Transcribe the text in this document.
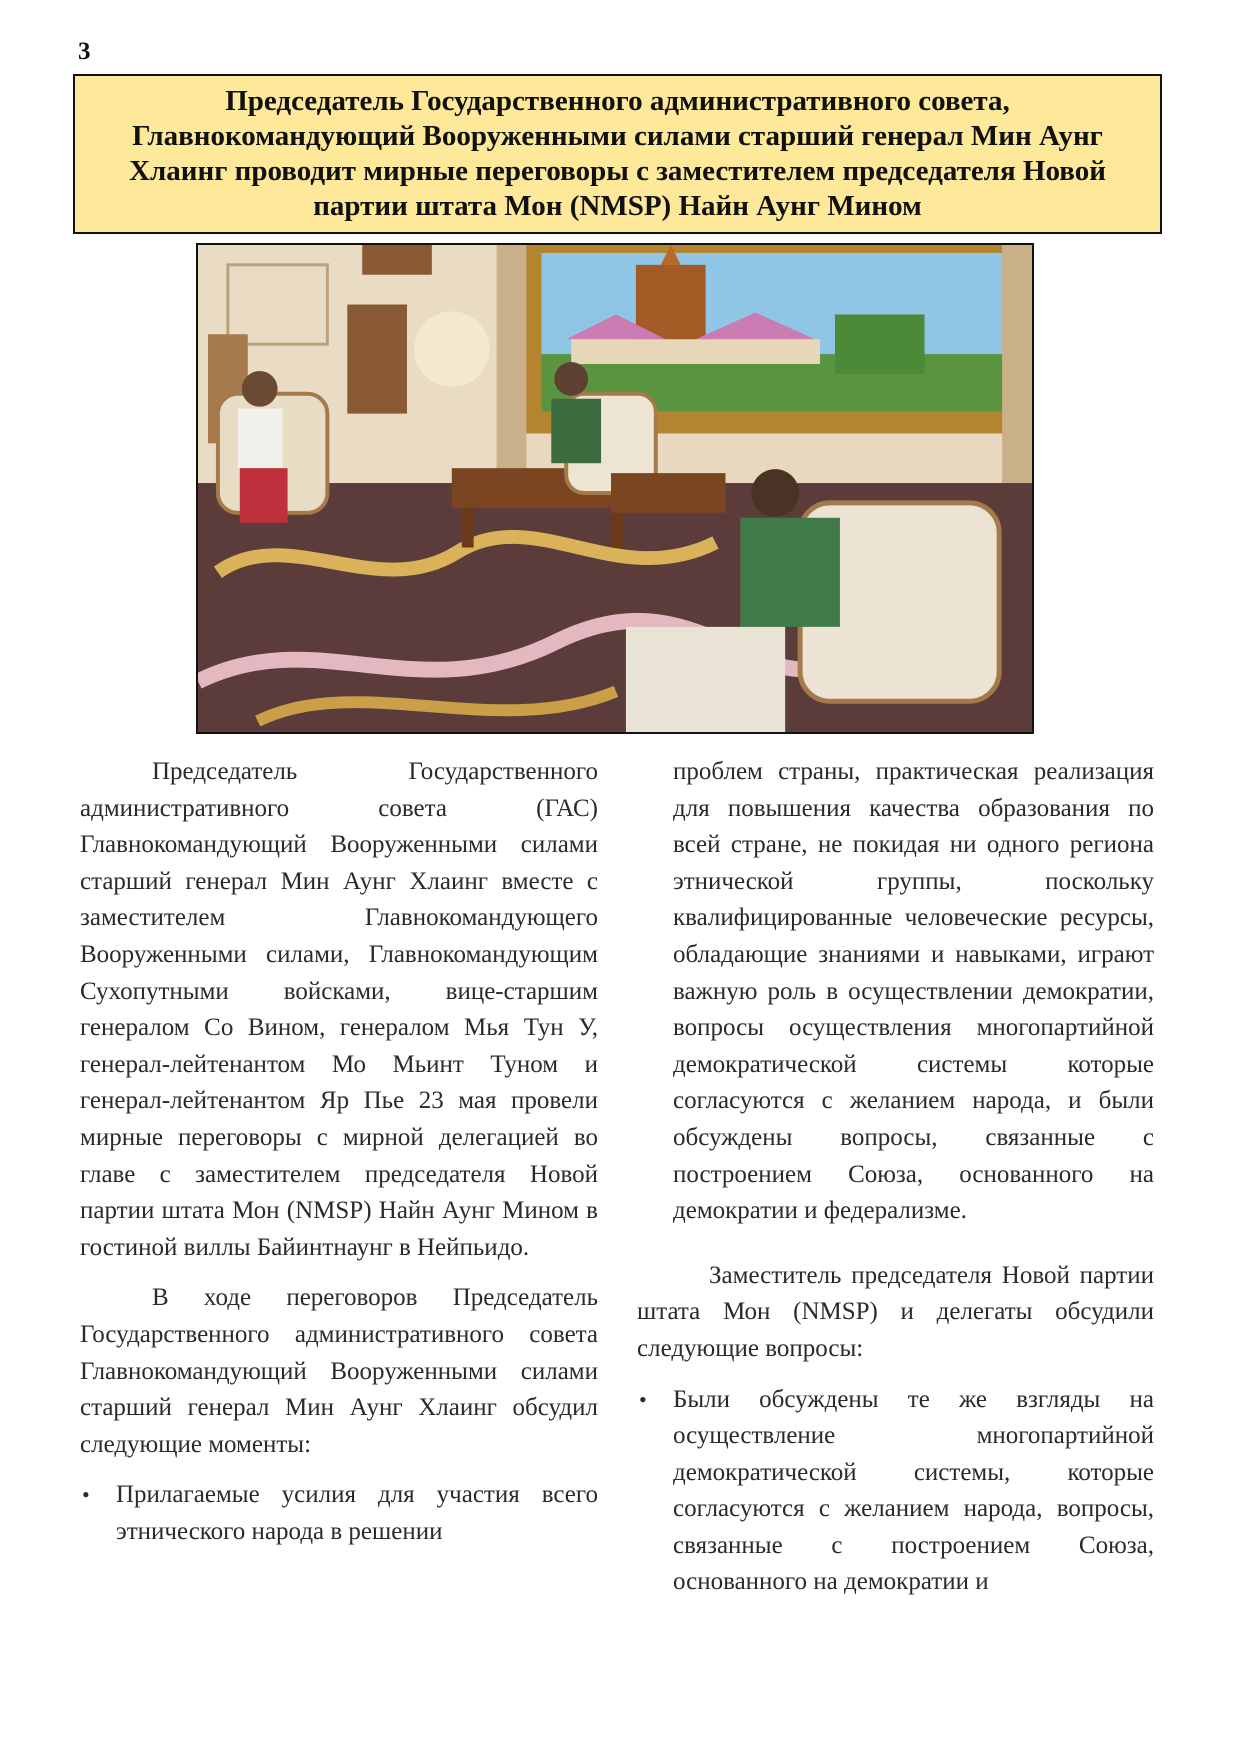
3
Председатель Государственного административного совета, Главнокомандующий Вооруженными силами старший генерал Мин Аунг Хлаинг проводит мирные переговоры с заместителем председателя Новой партии штата Мон (NMSP) Найн Аунг Мином

Председатель Государственного административного совета (ГАС) Главнокомандующий Вооруженными силами старший генерал Мин Аунг Хлаинг вместе с заместителем Главнокомандующего Вооруженными силами, Главнокомандующим Сухопутными войсками, вице-старшим генералом Со Вином, генералом Мья Тун У, генерал-лейтенантом Мо Мьинт Туном и генерал-лейтенантом Яр Пье 23 мая провели мирные переговоры с мирной делегацией во главе с заместителем председателя Новой партии штата Мон (NMSP) Найн Аунг Мином в гостиной виллы Байинтнаунг в Нейпьидо.

В ходе переговоров Председатель Государственного административного совета Главнокомандующий Вооруженными силами старший генерал Мин Аунг Хлаинг обсудил следующие моменты:

• Прилагаемые усилия для участия всего этнического народа в решении

проблем страны, практическая реализация для повышения качества образования по всей стране, не покидая ни одного региона этнической группы, поскольку квалифицированные человеческие ресурсы, обладающие знаниями и навыками, играют важную роль в осуществлении демократии, вопросы осуществления многопартийной демократической системы которые согласуются с желанием народа, и были обсуждены вопросы, связанные с построением Союза, основанного на демократии и федерализме.

Заместитель председателя Новой партии штата Мон (NMSP) и делегаты обсудили следующие вопросы:

• Были обсуждены те же взгляды на осуществление многопартийной демократической системы, которые согласуются с желанием народа, вопросы, связанные с построением Союза, основанного на демократии и
